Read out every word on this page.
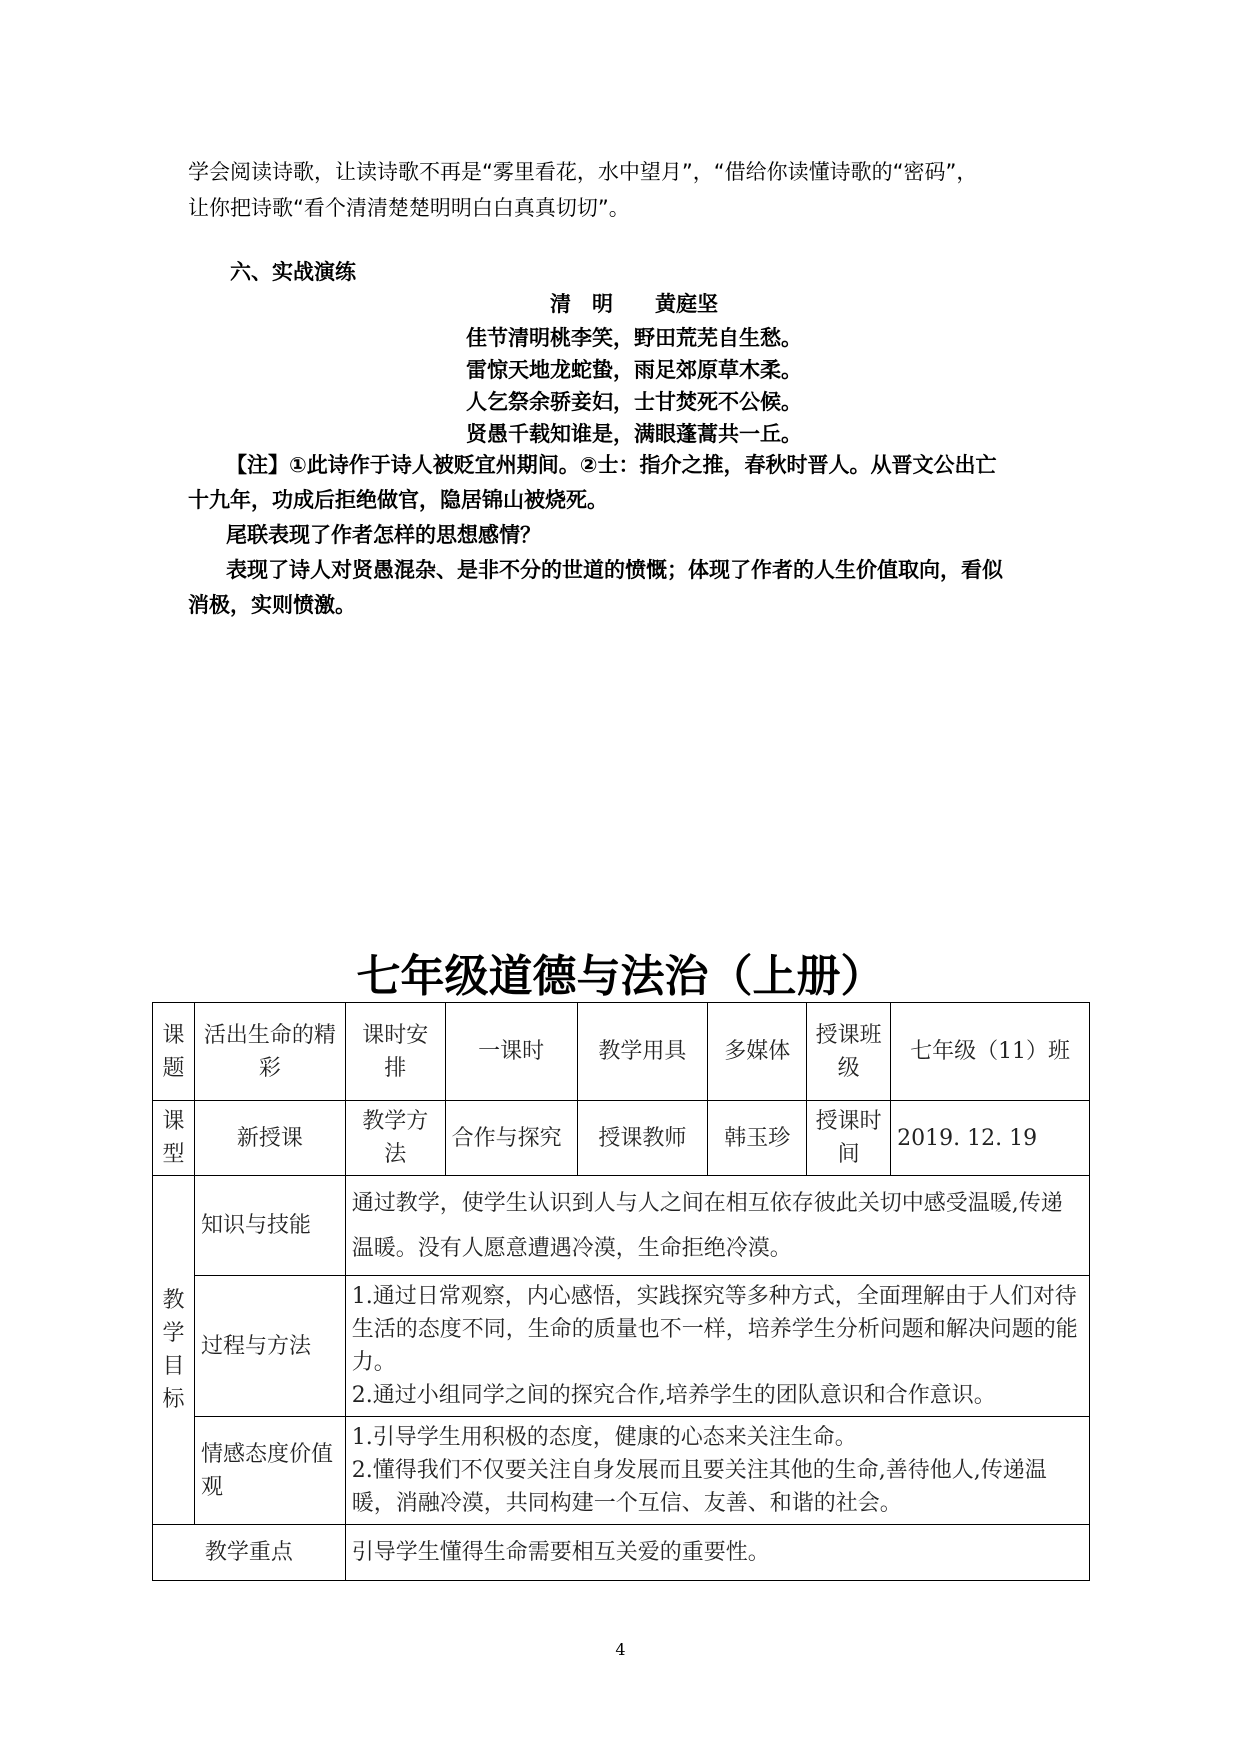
学会阅读诗歌，让读诗歌不再是“雾里看花，水中望月”，“借给你读懂诗歌的“密码”，
让你把诗歌“看个清清楚楚明明白白真真切切”。
六、实战演练
清　明　　黄庭坚
佳节清明桃李笑，野田荒芜自生愁。
雷惊天地龙蛇蛰，雨足郊原草木柔。
人乞祭余骄妾妇，士甘焚死不公候。
贤愚千载知谁是，满眼蓬蒿共一丘。
【注】①此诗作于诗人被贬宜州期间。②士：指介之推，春秋时晋人。从晋文公出亡
十九年，功成后拒绝做官，隐居锦山被烧死。
尾联表现了作者怎样的思想感情？
表现了诗人对贤愚混杂、是非不分的世道的愤慨；体现了作者的人生价值取向，看似
消极，实则愤激。
七年级道德与法治（上册）
课题	活出生命的精彩	课时安排	一课时	教学用具	多媒体	授课班级	七年级（11）班
课型	新授课	教学方法	合作与探究	授课教师	韩玉珍	授课时间	2019. 12. 19
教学目标	知识与技能	通过教学，使学生认识到人与人之间在相互依存彼此关切中感受温暖,传递温暖。没有人愿意遭遇冷漠，生命拒绝冷漠。					
	过程与方法	1.通过日常观察，内心感悟，实践探究等多种方式，全面理解由于人们对待生活的态度不同，生命的质量也不一样，培养学生分析问题和解决问题的能力。
2.通过小组同学之间的探究合作,培养学生的团队意识和合作意识。					

	情感态度价值观	1.引导学生用积极的态度，健康的心态来关注生命。
2.懂得我们不仅要关注自身发展而且要关注其他的生命,善待他人,传递温暖，消融冷漠，共同构建一个互信、友善、和谐的社会。					

教学重点		引导学生懂得生命需要相互关爱的重要性。					
4
